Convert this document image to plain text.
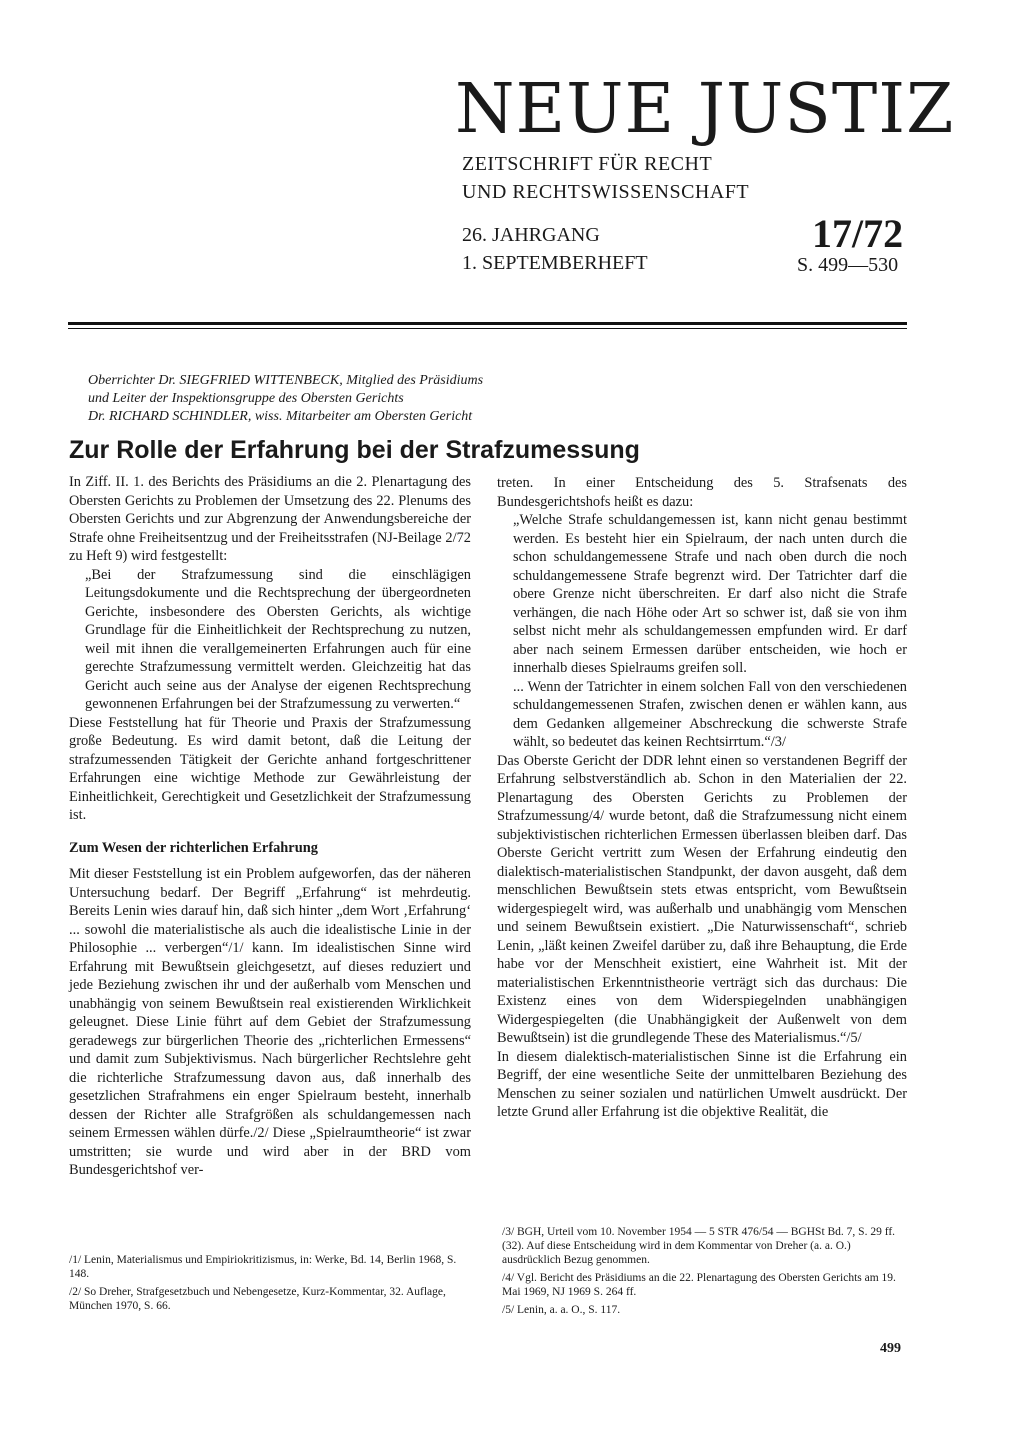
NEUE JUSTIZ
ZEITSCHRIFT FÜR RECHT
UND RECHTSWISSENSCHAFT
26. JAHRGANG
1. SEPTEMBERHEFT
17/72
S. 499—530
Oberrichter Dr. SIEGFRIED WITTENBECK, Mitglied des Präsidiums
und Leiter der Inspektionsgruppe des Obersten Gerichts
Dr. RICHARD SCHINDLER, wiss. Mitarbeiter am Obersten Gericht
Zur Rolle der Erfahrung bei der Strafzumessung

In Ziff. II. 1. des Berichts des Präsidiums an die 2. Plenartagung des Obersten Gerichts zu Problemen der Umsetzung des 22. Plenums des Obersten Gerichts und zur Abgrenzung der Anwendungsbereiche der Strafe ohne Freiheitsentzug und der Freiheitsstrafen (NJ-Beilage 2/72 zu Heft 9) wird festgestellt:

„Bei der Strafzumessung sind die einschlägigen Leitungsdokumente und die Rechtsprechung der übergeordneten Gerichte, insbesondere des Obersten Gerichts, als wichtige Grundlage für die Einheitlichkeit der Rechtsprechung zu nutzen, weil mit ihnen die verallgemeinerten Erfahrungen auch für eine gerechte Strafzumessung vermittelt werden. Gleichzeitig hat das Gericht auch seine aus der Analyse der eigenen Rechtsprechung gewonnenen Erfahrungen bei der Strafzumessung zu verwerten.“

Diese Feststellung hat für Theorie und Praxis der Strafzumessung große Bedeutung. Es wird damit betont, daß die Leitung der strafzumessenden Tätigkeit der Gerichte anhand fortgeschrittener Erfahrungen eine wichtige Methode zur Gewährleistung der Einheitlichkeit, Gerechtigkeit und Gesetzlichkeit der Strafzumessung ist.

Zum Wesen der richterlichen Erfahrung

Mit dieser Feststellung ist ein Problem aufgeworfen, das der näheren Untersuchung bedarf. Der Begriff „Erfahrung“ ist mehrdeutig. Bereits Lenin wies darauf hin, daß sich hinter „dem Wort ‚Erfahrung‘ ... sowohl die materialistische als auch die idealistische Linie in der Philosophie ... verbergen“/1/ kann. Im idealistischen Sinne wird Erfahrung mit Bewußtsein gleichgesetzt, auf dieses reduziert und jede Beziehung zwischen ihr und der außerhalb vom Menschen und unabhängig von seinem Bewußtsein real existierenden Wirklichkeit geleugnet. Diese Linie führt auf dem Gebiet der Strafzumessung geradewegs zur bürgerlichen Theorie des „richterlichen Ermessens“ und damit zum Subjektivismus. Nach bürgerlicher Rechtslehre geht die richterliche Strafzumessung davon aus, daß innerhalb des gesetzlichen Strafrahmens ein enger Spielraum besteht, innerhalb dessen der Richter alle Strafgrößen als schuldangemessen nach seinem Ermessen wählen dürfe./2/ Diese „Spielraumtheorie“ ist zwar umstritten; sie wurde und wird aber in der BRD vom Bundesgerichtshof ver-

treten. In einer Entscheidung des 5. Strafsenats des Bundesgerichtshofs heißt es dazu:

„Welche Strafe schuldangemessen ist, kann nicht genau bestimmt werden. Es besteht hier ein Spielraum, der nach unten durch die schon schuldangemessene Strafe und nach oben durch die noch schuldangemessene Strafe begrenzt wird. Der Tatrichter darf die obere Grenze nicht überschreiten. Er darf also nicht die Strafe verhängen, die nach Höhe oder Art so schwer ist, daß sie von ihm selbst nicht mehr als schuldangemessen empfunden wird. Er darf aber nach seinem Ermessen darüber entscheiden, wie hoch er innerhalb dieses Spielraums greifen soll.

... Wenn der Tatrichter in einem solchen Fall von den verschiedenen schuldangemessenen Strafen, zwischen denen er wählen kann, aus dem Gedanken allgemeiner Abschreckung die schwerste Strafe wählt, so bedeutet das keinen Rechtsirrtum.“/3/

Das Oberste Gericht der DDR lehnt einen so verstandenen Begriff der Erfahrung selbstverständlich ab. Schon in den Materialien der 22. Plenartagung des Obersten Gerichts zu Problemen der Strafzumessung/4/ wurde betont, daß die Strafzumessung nicht einem subjektivistischen richterlichen Ermessen überlassen bleiben darf. Das Oberste Gericht vertritt zum Wesen der Erfahrung eindeutig den dialektisch-materialistischen Standpunkt, der davon ausgeht, daß dem menschlichen Bewußtsein stets etwas entspricht, vom Bewußtsein widergespiegelt wird, was außerhalb und unabhängig vom Menschen und seinem Bewußtsein existiert. „Die Naturwissenschaft“, schrieb Lenin, „läßt keinen Zweifel darüber zu, daß ihre Behauptung, die Erde habe vor der Menschheit existiert, eine Wahrheit ist. Mit der materialistischen Erkenntnistheorie verträgt sich das durchaus: Die Existenz eines von dem Widerspiegelnden unabhängigen Widergespiegelten (die Unabhängigkeit der Außenwelt von dem Bewußtsein) ist die grundlegende These des Materialismus.“/5/

In diesem dialektisch-materialistischen Sinne ist die Erfahrung ein Begriff, der eine wesentliche Seite der unmittelbaren Beziehung des Menschen zu seiner sozialen und natürlichen Umwelt ausdrückt. Der letzte Grund aller Erfahrung ist die objektive Realität, die

/1/ Lenin, Materialismus und Empiriokritizismus, in: Werke, Bd. 14, Berlin 1968, S. 148.

/2/ So Dreher, Strafgesetzbuch und Nebengesetze, Kurz-Kommentar, 32. Auflage, München 1970, S. 66.

/3/ BGH, Urteil vom 10. November 1954 — 5 STR 476/54 — BGHSt Bd. 7, S. 29 ff. (32). Auf diese Entscheidung wird in dem Kommentar von Dreher (a. a. O.) ausdrücklich Bezug genommen.

/4/ Vgl. Bericht des Präsidiums an die 22. Plenartagung des Obersten Gerichts am 19. Mai 1969, NJ 1969 S. 264 ff.

/5/ Lenin, a. a. O., S. 117.

499
